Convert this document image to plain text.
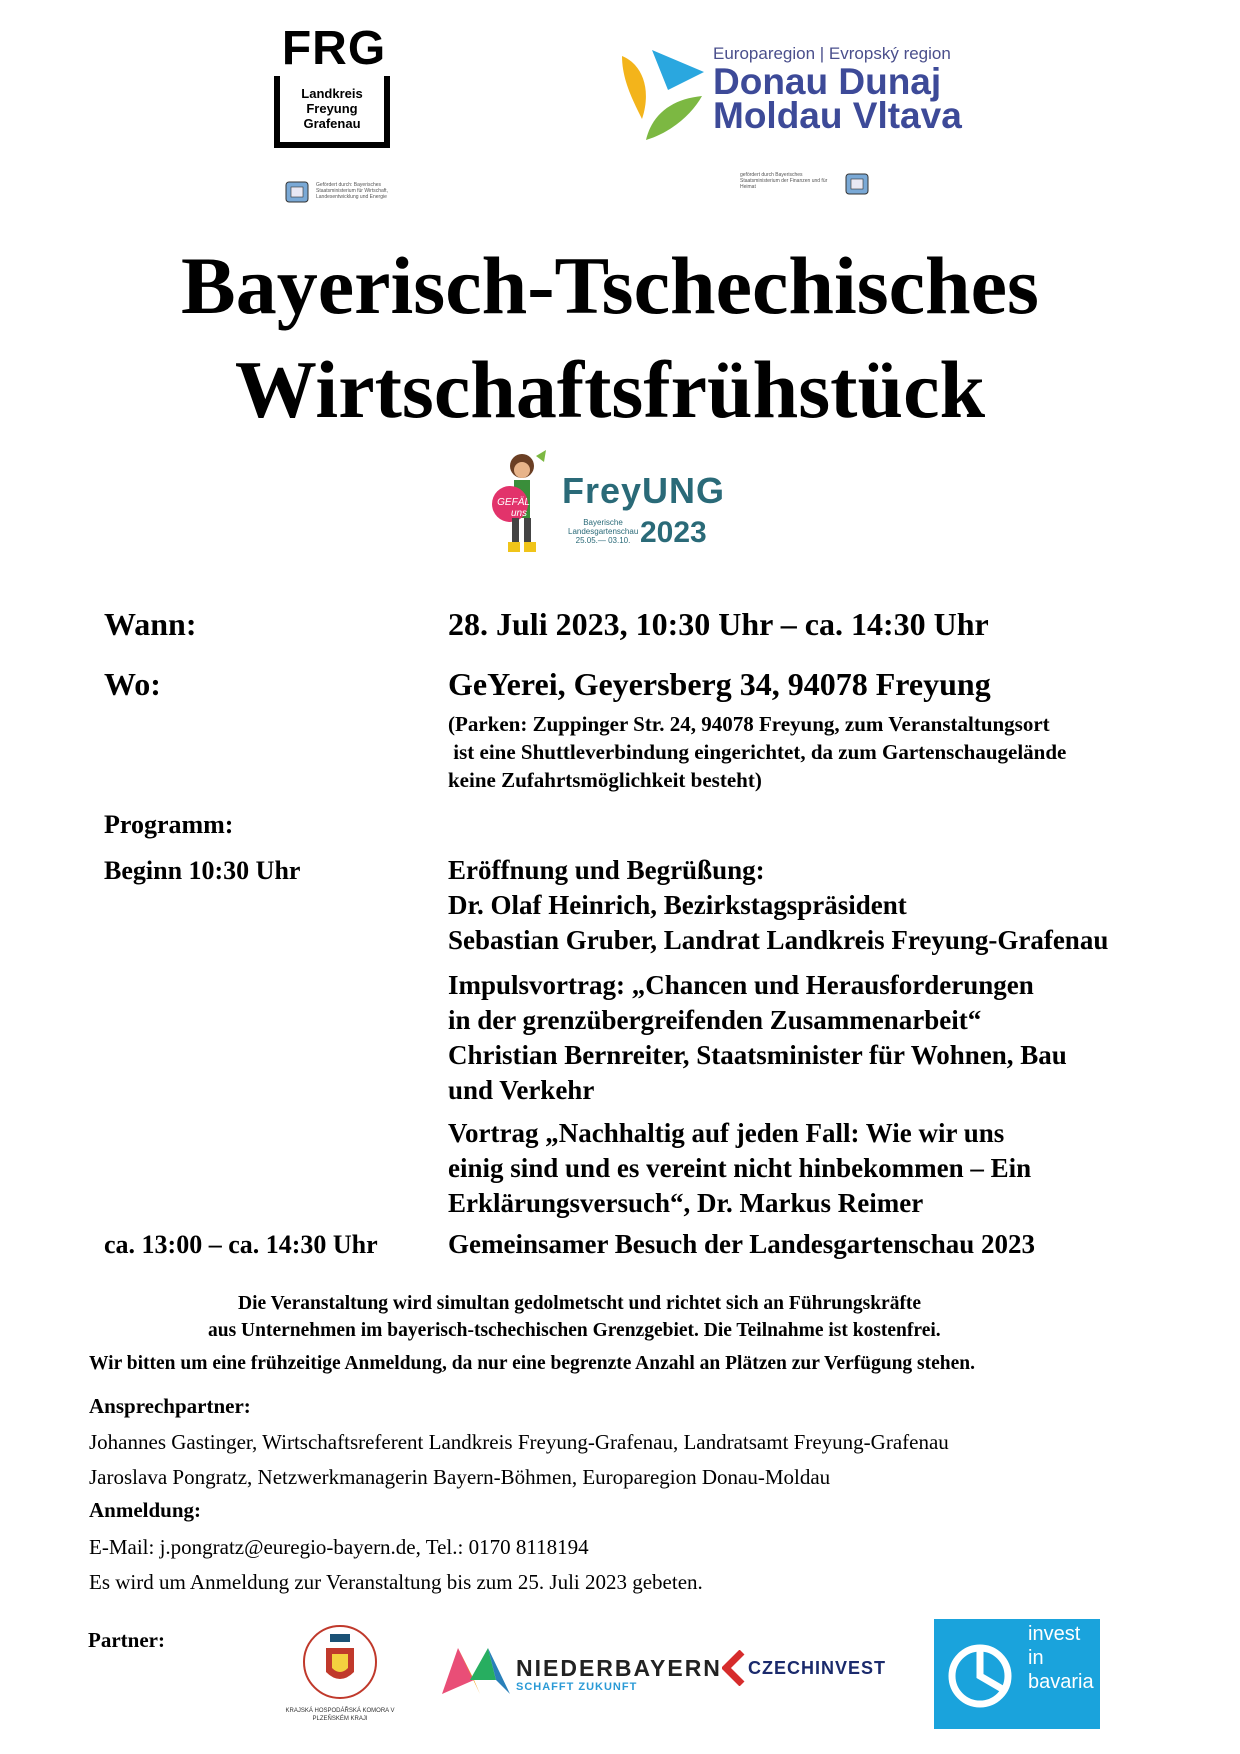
FRG
Landkreis
Freyung
Grafenau
Gefördert durch: Bayerisches Staatsministerium für Wirtschaft, Landesentwicklung und Energie
Europaregion | Evropský region
Donau Dunaj
Moldau Vltava
gefördert durch Bayerisches Staatsministerium der Finanzen und für Heimat
Bayerisch-Tschechisches
Wirtschaftsfrühstück
GEFÄLLT uns
FreyUNG
Bayerische Landesgartenschau 25.05.— 03.10. 2023
Wann:	28. Juli 2023, 10:30 Uhr – ca. 14:30 Uhr
Wo:	GeYerei, Geyersberg 34, 94078 Freyung
(Parken: Zuppinger Str. 24, 94078 Freyung, zum Veranstaltungsort
ist eine Shuttleverbindung eingerichtet, da zum Gartenschaugelände
keine Zufahrtsmöglichkeit besteht)
Programm:
Beginn 10:30 Uhr	Eröffnung und Begrüßung:
Dr. Olaf Heinrich, Bezirkstagspräsident
Sebastian Gruber, Landrat Landkreis Freyung-Grafenau
Impulsvortrag: „Chancen und Herausforderungen
in der grenzübergreifenden Zusammenarbeit“
Christian Bernreiter, Staatsminister für Wohnen, Bau
und Verkehr
Vortrag „Nachhaltig auf jeden Fall: Wie wir uns
einig sind und es vereint nicht hinbekommen – Ein
Erklärungsversuch“, Dr. Markus Reimer
ca. 13:00 – ca. 14:30 Uhr	Gemeinsamer Besuch der Landesgartenschau 2023
Die Veranstaltung wird simultan gedolmetscht und richtet sich an Führungskräfte
aus Unternehmen im bayerisch-tschechischen Grenzgebiet. Die Teilnahme ist kostenfrei.
Wir bitten um eine frühzeitige Anmeldung, da nur eine begrenzte Anzahl an Plätzen zur Verfügung stehen.
Ansprechpartner:
Johannes Gastinger, Wirtschaftsreferent Landkreis Freyung-Grafenau, Landratsamt Freyung-Grafenau
Jaroslava Pongratz, Netzwerkmanagerin Bayern-Böhmen, Europaregion Donau-Moldau
Anmeldung:
E-Mail: j.pongratz@euregio-bayern.de, Tel.: 0170 8118194
Es wird um Anmeldung zur Veranstaltung bis zum 25. Juli 2023 gebeten.
Partner:
KRAJSKÁ HOSPODÁŘSKÁ KOMORA V PLZEŇSKÉM KRAJI
NIEDERBAYERN
SCHAFFT ZUKUNFT
CZECHINVEST
invest
in
bavaria
